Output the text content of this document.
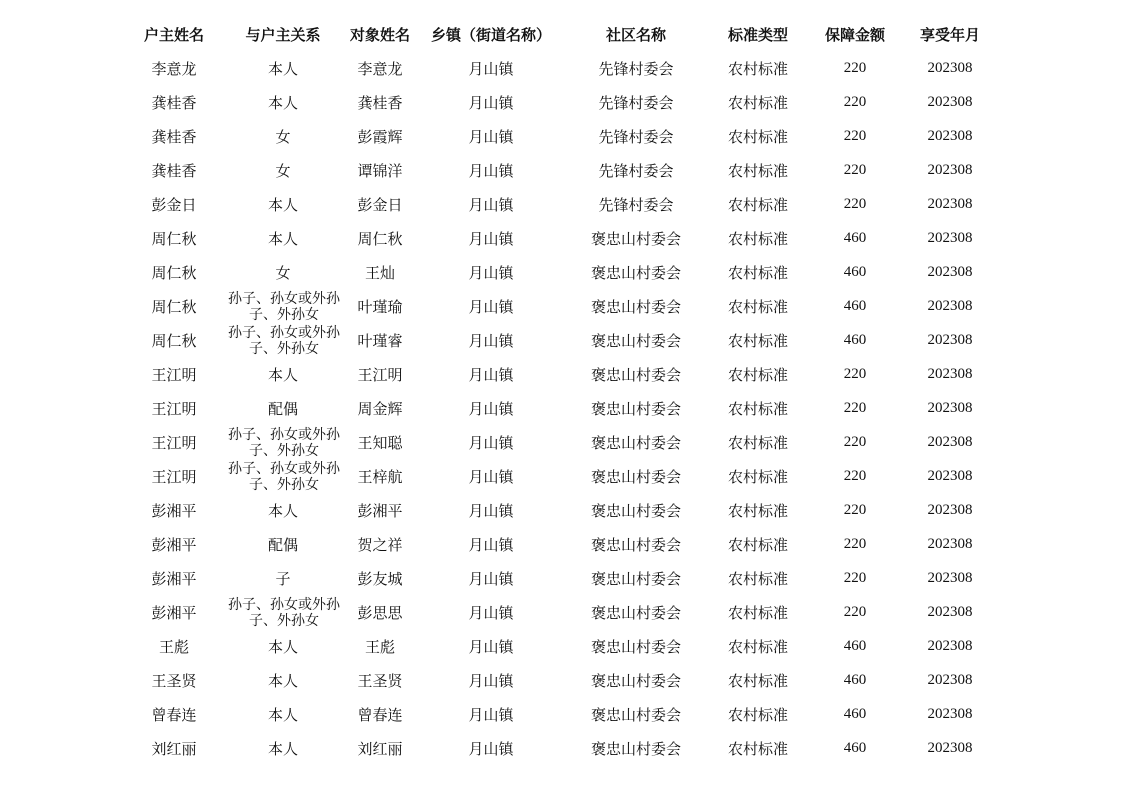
户主姓名	与户主关系	对象姓名	乡镇（街道名称）	社区名称	标准类型	保障金额	享受年月
李意龙	本人	李意龙	月山镇	先锋村委会	农村标准	220	202308
龚桂香	本人	龚桂香	月山镇	先锋村委会	农村标准	220	202308
龚桂香	女	彭霞辉	月山镇	先锋村委会	农村标准	220	202308
龚桂香	女	谭锦洋	月山镇	先锋村委会	农村标准	220	202308
彭金日	本人	彭金日	月山镇	先锋村委会	农村标准	220	202308
周仁秋	本人	周仁秋	月山镇	褒忠山村委会	农村标准	460	202308
周仁秋	女	王灿	月山镇	褒忠山村委会	农村标准	460	202308
周仁秋	孙子、孙女或外孙子、外孙女	叶瑾瑜	月山镇	褒忠山村委会	农村标准	460	202308
周仁秋	孙子、孙女或外孙子、外孙女	叶瑾睿	月山镇	褒忠山村委会	农村标准	460	202308
王江明	本人	王江明	月山镇	褒忠山村委会	农村标准	220	202308
王江明	配偶	周金辉	月山镇	褒忠山村委会	农村标准	220	202308
王江明	孙子、孙女或外孙子、外孙女	王知聪	月山镇	褒忠山村委会	农村标准	220	202308
王江明	孙子、孙女或外孙子、外孙女	王梓航	月山镇	褒忠山村委会	农村标准	220	202308
彭湘平	本人	彭湘平	月山镇	褒忠山村委会	农村标准	220	202308
彭湘平	配偶	贺之祥	月山镇	褒忠山村委会	农村标准	220	202308
彭湘平	子	彭友城	月山镇	褒忠山村委会	农村标准	220	202308
彭湘平	孙子、孙女或外孙子、外孙女	彭思思	月山镇	褒忠山村委会	农村标准	220	202308
王彪	本人	王彪	月山镇	褒忠山村委会	农村标准	460	202308
王圣贤	本人	王圣贤	月山镇	褒忠山村委会	农村标准	460	202308
曾春连	本人	曾春连	月山镇	褒忠山村委会	农村标准	460	202308
刘红丽	本人	刘红丽	月山镇	褒忠山村委会	农村标准	460	202308
